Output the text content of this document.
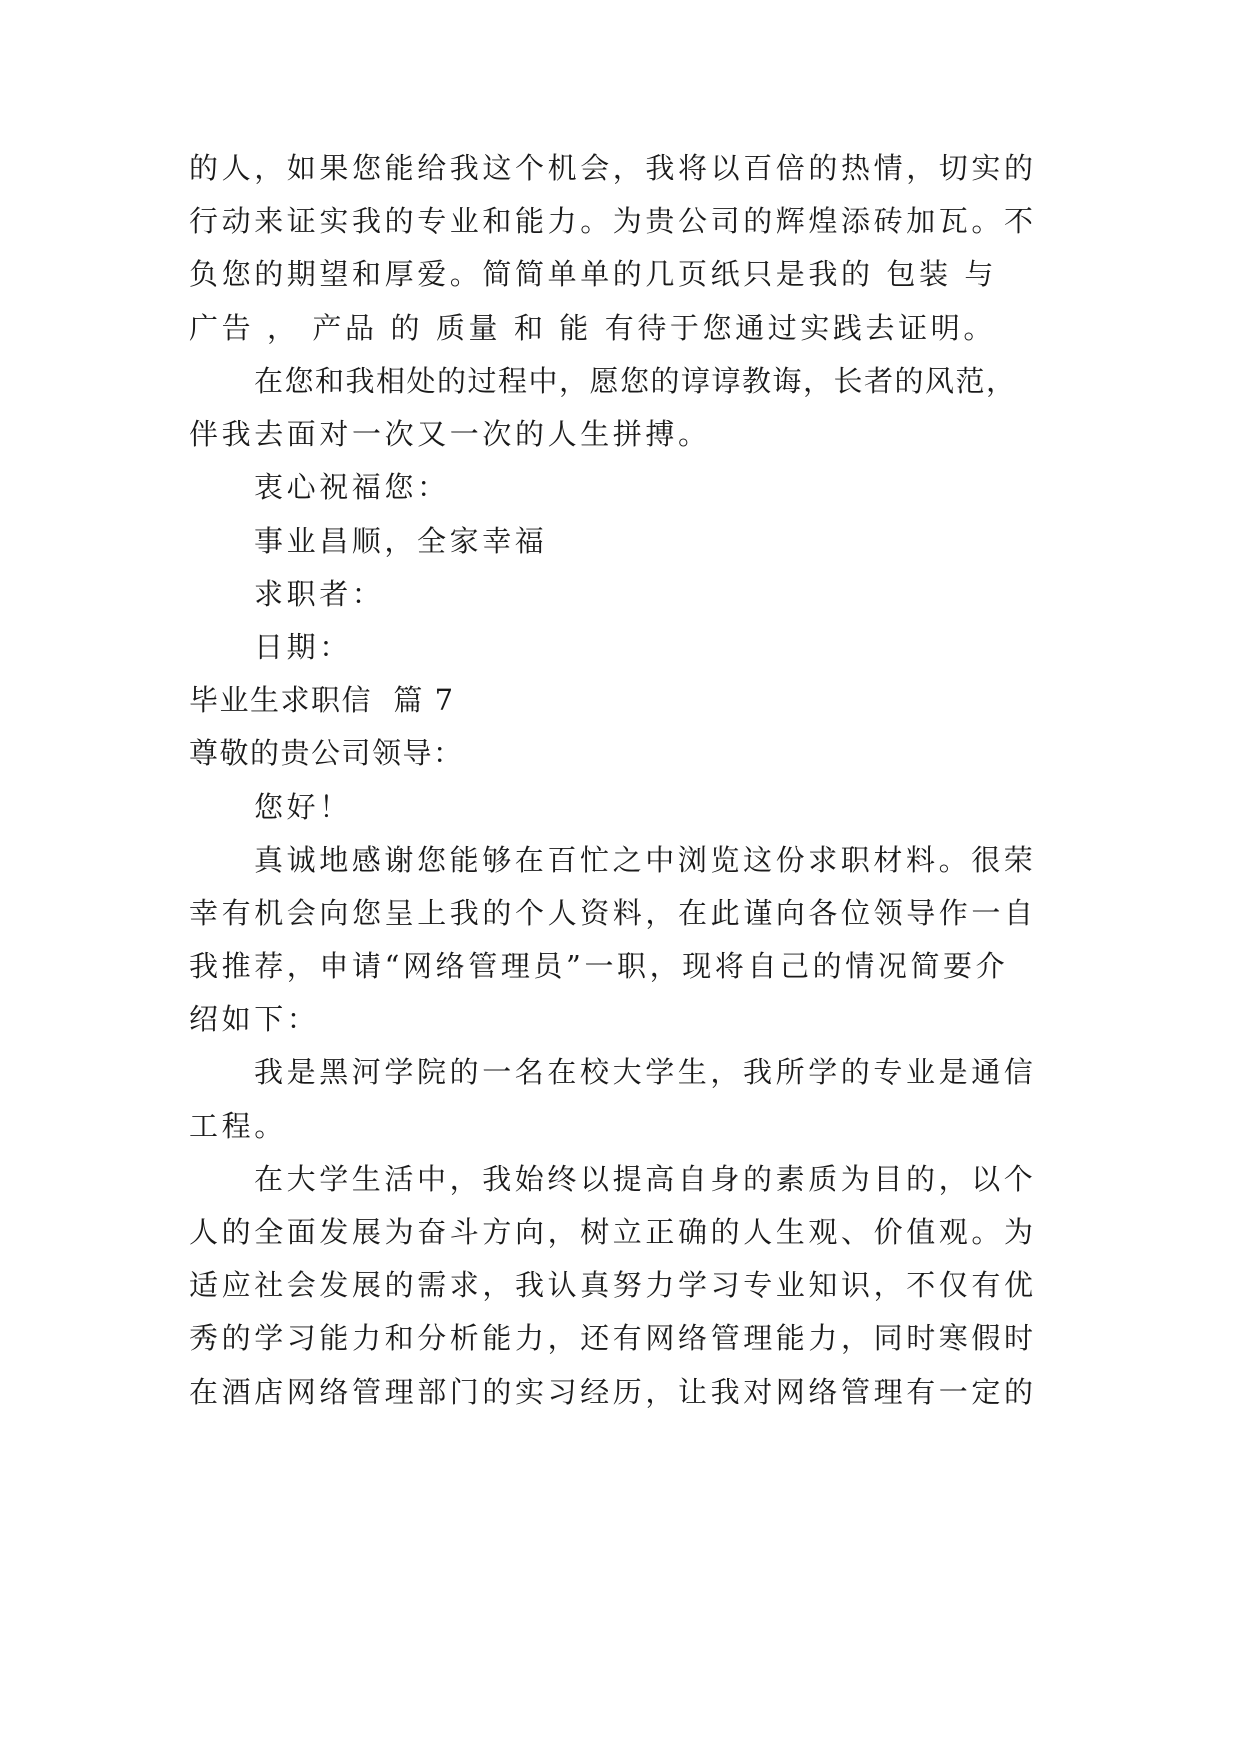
的人，如果您能给我这个机会，我将以百倍的热情，切实的
行动来证实我的专业和能力。为贵公司的辉煌添砖加瓦。不
负您的期望和厚爱。简简单单的几页纸只是我的 包装 与
广告 ， 产品 的 质量 和 能 有待于您通过实践去证明。
在您和我相处的过程中，愿您的谆谆教诲，长者的风范，
伴我去面对一次又一次的人生拼搏。
衷心祝福您：
事业昌顺，全家幸福
求职者：
日期：
毕业生求职信  篇 7
尊敬的贵公司领导：
您好！
真诚地感谢您能够在百忙之中浏览这份求职材料。很荣
幸有机会向您呈上我的个人资料，在此谨向各位领导作一自
我推荐，申请“网络管理员”一职，现将自己的情况简要介
绍如下：
我是黑河学院的一名在校大学生，我所学的专业是通信
工程。
在大学生活中，我始终以提高自身的素质为目的，以个
人的全面发展为奋斗方向，树立正确的人生观、价值观。为
适应社会发展的需求，我认真努力学习专业知识，不仅有优
秀的学习能力和分析能力，还有网络管理能力，同时寒假时
在酒店网络管理部门的实习经历，让我对网络管理有一定的
